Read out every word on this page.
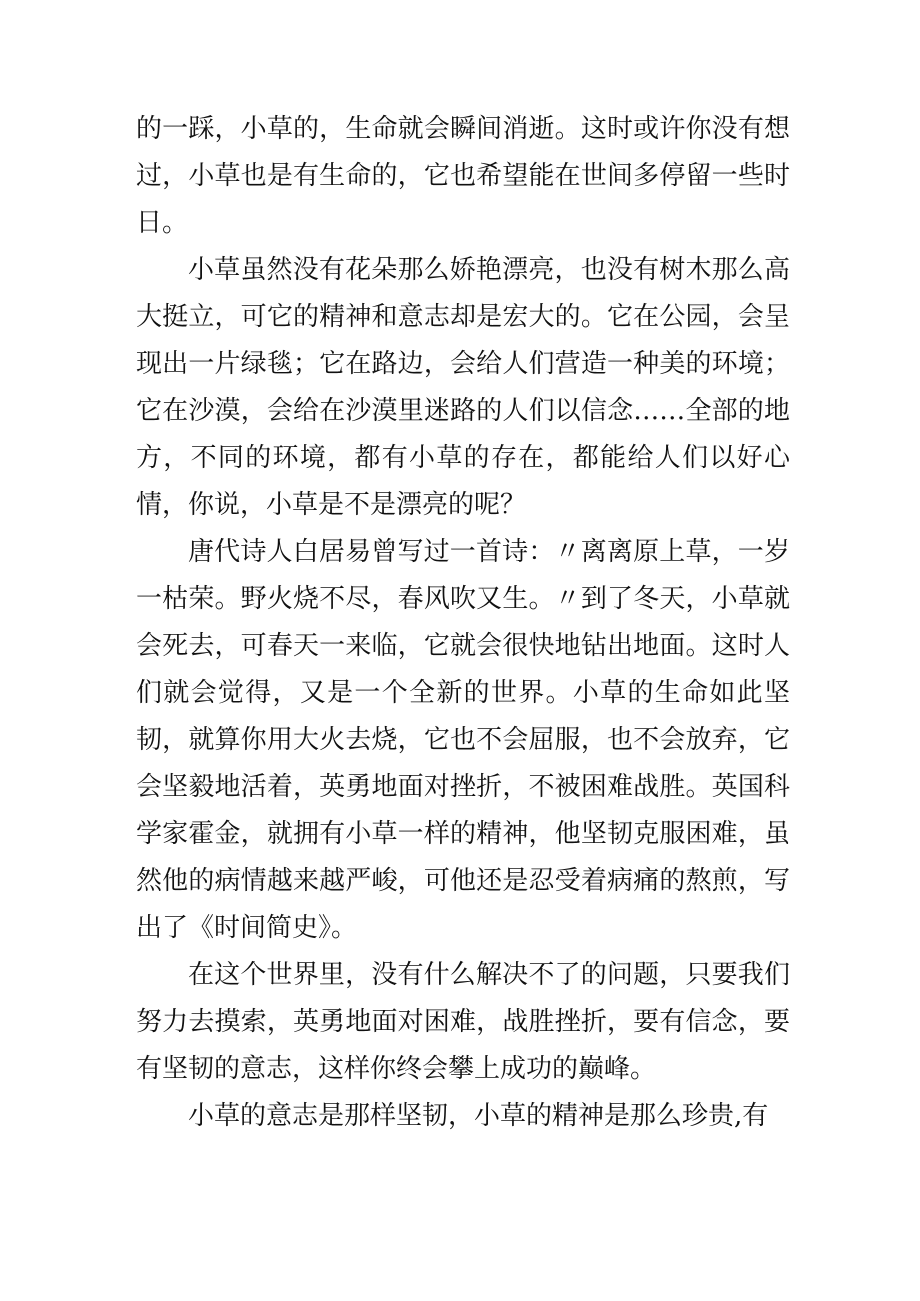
的一踩，小草的，生命就会瞬间消逝。这时或许你没有想过，小草也是有生命的，它也希望能在世间多停留一些时日。

小草虽然没有花朵那么娇艳漂亮，也没有树木那么高大挺立，可它的精神和意志却是宏大的。它在公园，会呈现出一片绿毯；它在路边，会给人们营造一种美的环境；它在沙漠，会给在沙漠里迷路的人们以信念……全部的地方，不同的环境，都有小草的存在，都能给人们以好心情，你说，小草是不是漂亮的呢？

唐代诗人白居易曾写过一首诗：〃离离原上草，一岁一枯荣。野火烧不尽，春风吹又生。〃到了冬天，小草就会死去，可春天一来临，它就会很快地钻出地面。这时人们就会觉得，又是一个全新的世界。小草的生命如此坚韧，就算你用大火去烧，它也不会屈服，也不会放弃，它会坚毅地活着，英勇地面对挫折，不被困难战胜。英国科学家霍金，就拥有小草一样的精神，他坚韧克服困难，虽然他的病情越来越严峻，可他还是忍受着病痛的熬煎，写出了《时间简史》。

在这个世界里，没有什么解决不了的问题，只要我们努力去摸索，英勇地面对困难，战胜挫折，要有信念，要有坚韧的意志，这样你终会攀上成功的巅峰。

小草的意志是那样坚韧，小草的精神是那么珍贵,有
